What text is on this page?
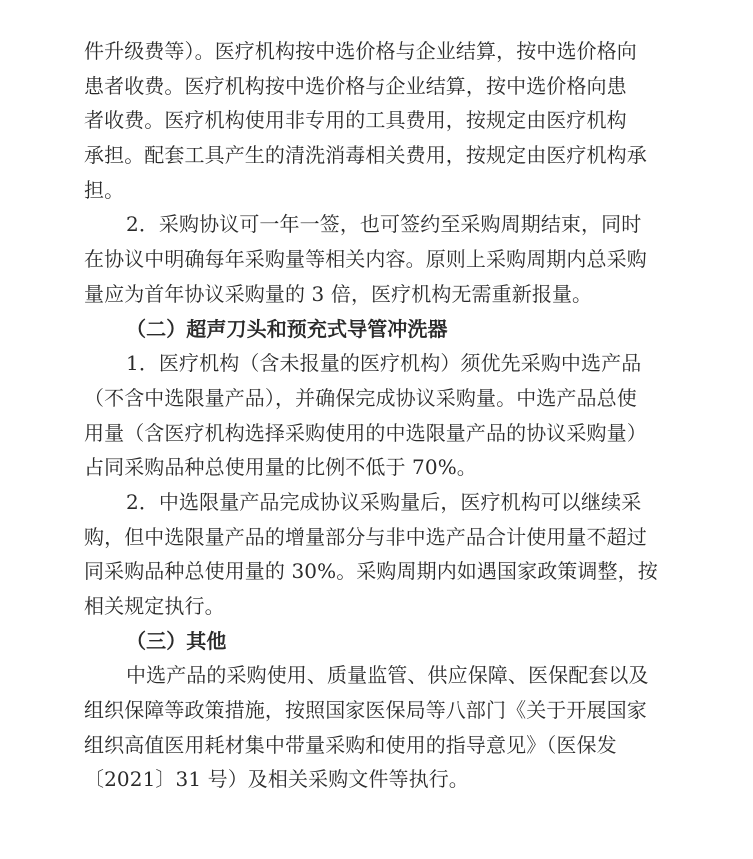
件升级费等）。医疗机构按中选价格与企业结算，按中选价格向
患者收费。医疗机构按中选价格与企业结算，按中选价格向患
者收费。医疗机构使用非专用的工具费用，按规定由医疗机构
承担。配套工具产生的清洗消毒相关费用，按规定由医疗机构承
担。
2．采购协议可一年一签，也可签约至采购周期结束，同时
在协议中明确每年采购量等相关内容。原则上采购周期内总采购
量应为首年协议采购量的 3 倍，医疗机构无需重新报量。
（二）超声刀头和预充式导管冲洗器
1．医疗机构（含未报量的医疗机构）须优先采购中选产品
（不含中选限量产品），并确保完成协议采购量。中选产品总使
用量（含医疗机构选择采购使用的中选限量产品的协议采购量）
占同采购品种总使用量的比例不低于 70%。
2．中选限量产品完成协议采购量后，医疗机构可以继续采
购，但中选限量产品的增量部分与非中选产品合计使用量不超过
同采购品种总使用量的 30%。采购周期内如遇国家政策调整，按
相关规定执行。
（三）其他
中选产品的采购使用、质量监管、供应保障、医保配套以及
组织保障等政策措施，按照国家医保局等八部门《关于开展国家
组织高值医用耗材集中带量采购和使用的指导意见》（医保发
〔2021〕31 号）及相关采购文件等执行。
